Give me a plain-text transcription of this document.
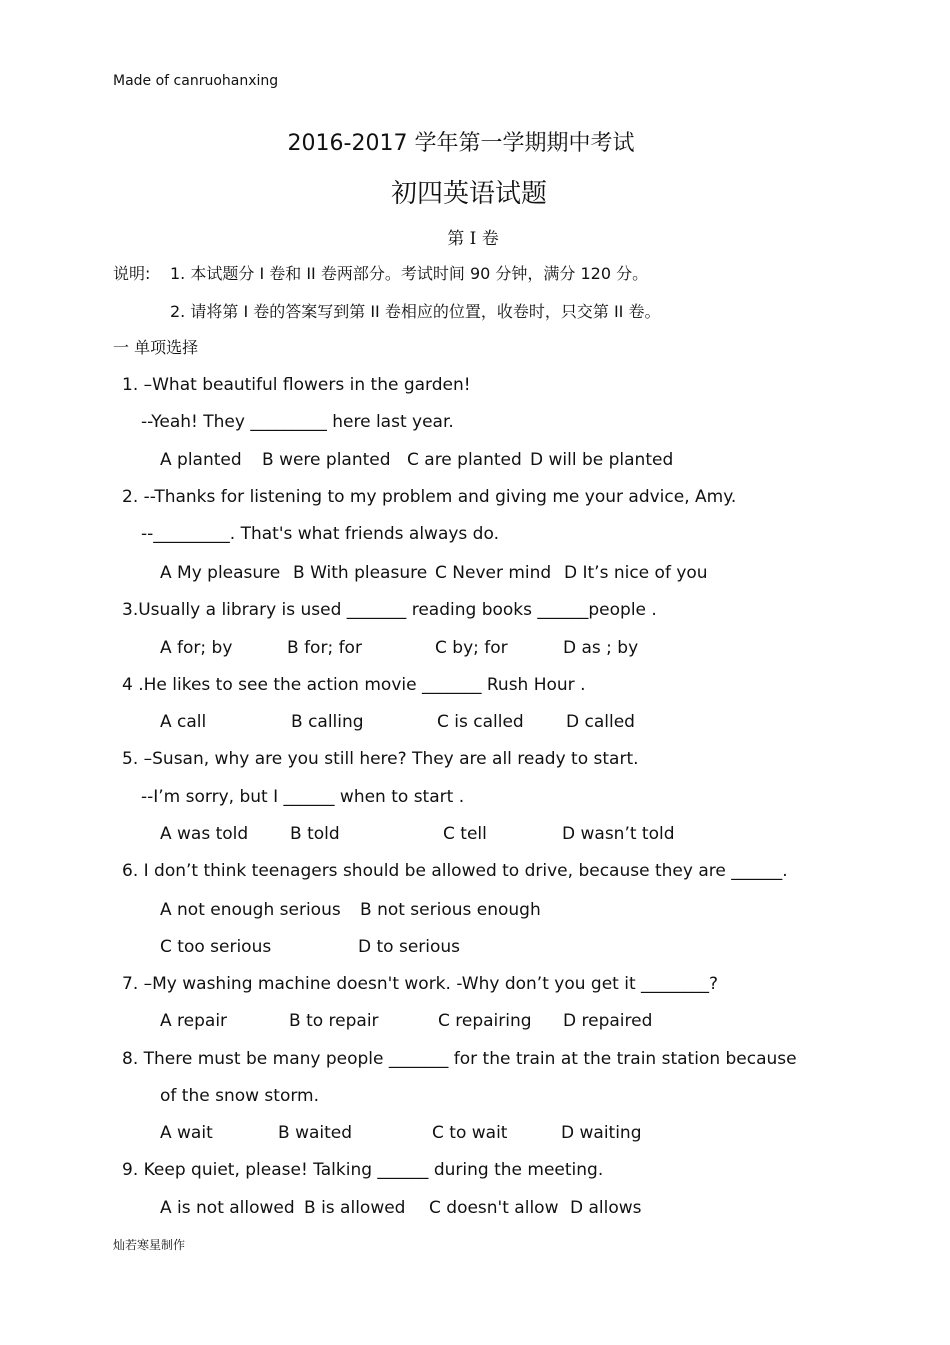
Made of canruohanxing
2016-2017 学年第一学期期中考试
初四英语试题
第 I 卷
说明: 1. 本试题分 I 卷和 II 卷两部分。考试时间 90 分钟，满分 120 分。
2. 请将第 I 卷的答案写到第 II 卷相应的位置，收卷时，只交第 II 卷。
一 单项选择
1. –What beautiful flowers in the garden!
--Yeah! They _________ here last year.
A planted B were planted C are planted D will be planted
2. --Thanks for listening to my problem and giving me your advice, Amy.
--_________. That's what friends always do.
A My pleasure B With pleasure C Never mind D It’s nice of you
3.Usually a library is used _______ reading books ______people .
A for; by	B for; for	C by; for	D as ; by
4 .He likes to see the action movie _______ Rush Hour .
A call	B calling	C is called D called
5. –Susan, why are you still here? They are all ready to start.
--I’m sorry, but I ______ when to start .
A was told B told	C tell	D wasn’t told
6. I don’t think teenagers should be allowed to drive, because they are ______.
A not enough serious B not serious enough
C too serious	D to serious
7. –My washing machine doesn't work. -Why don’t you get it ________?
A repair	B to repair	C repairing D repaired
8. There must be many people _______ for the train at the train station because
of the snow storm.
A wait	B waited	C to wait	D waiting
9. Keep quiet, please! Talking ______ during the meeting.
A is not allowed B is allowed C doesn't allow D allows
灿若寒星制作
